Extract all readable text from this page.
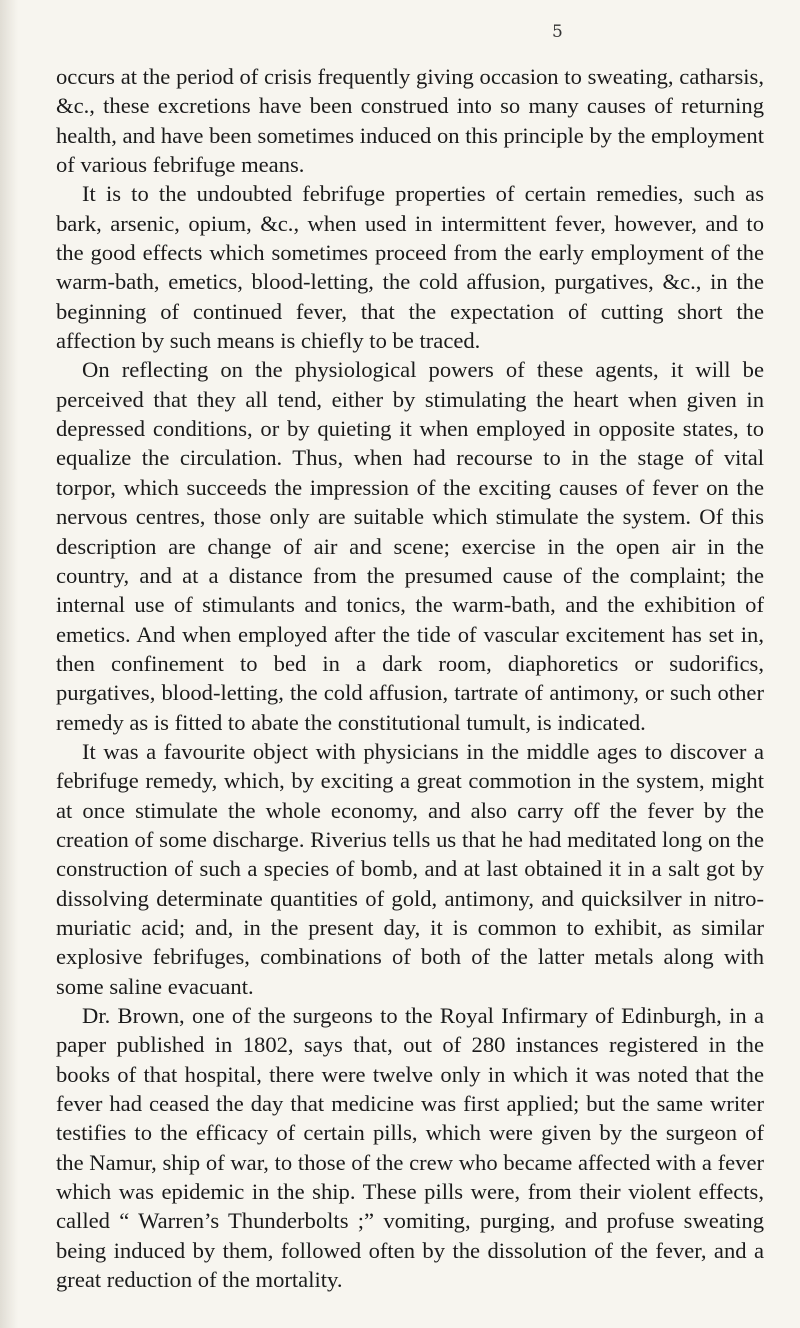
5

occurs at the period of crisis frequently giving occasion to sweating, catharsis, &c., these excretions have been construed into so many causes of returning health, and have been sometimes induced on this principle by the employment of various febrifuge means.

It is to the undoubted febrifuge properties of certain remedies, such as bark, arsenic, opium, &c., when used in intermittent fever, however, and to the good effects which sometimes proceed from the early employment of the warm-bath, emetics, blood-letting, the cold affusion, purgatives, &c., in the beginning of continued fever, that the expectation of cutting short the affection by such means is chiefly to be traced.

On reflecting on the physiological powers of these agents, it will be perceived that they all tend, either by stimulating the heart when given in depressed conditions, or by quieting it when employed in opposite states, to equalize the circulation. Thus, when had recourse to in the stage of vital torpor, which succeeds the impression of the exciting causes of fever on the nervous centres, those only are suitable which stimulate the system. Of this description are change of air and scene; exercise in the open air in the country, and at a distance from the presumed cause of the complaint; the internal use of stimulants and tonics, the warm-bath, and the exhibition of emetics. And when employed after the tide of vascular excitement has set in, then confinement to bed in a dark room, diaphoretics or sudorifics, purgatives, blood-letting, the cold affusion, tartrate of antimony, or such other remedy as is fitted to abate the constitutional tumult, is indicated.

It was a favourite object with physicians in the middle ages to discover a febrifuge remedy, which, by exciting a great commotion in the system, might at once stimulate the whole economy, and also carry off the fever by the creation of some discharge. Riverius tells us that he had meditated long on the construction of such a species of bomb, and at last obtained it in a salt got by dissolving determinate quantities of gold, antimony, and quicksilver in nitro-muriatic acid; and, in the present day, it is common to exhibit, as similar explosive febrifuges, combinations of both of the latter metals along with some saline evacuant.

Dr. Brown, one of the surgeons to the Royal Infirmary of Edinburgh, in a paper published in 1802, says that, out of 280 instances registered in the books of that hospital, there were twelve only in which it was noted that the fever had ceased the day that medicine was first applied; but the same writer testifies to the efficacy of certain pills, which were given by the surgeon of the Namur, ship of war, to those of the crew who became affected with a fever which was epidemic in the ship. These pills were, from their violent effects, called “ Warren’s Thunderbolts ;” vomiting, purging, and profuse sweating being induced by them, followed often by the dissolution of the fever, and a great reduction of the mortality.
